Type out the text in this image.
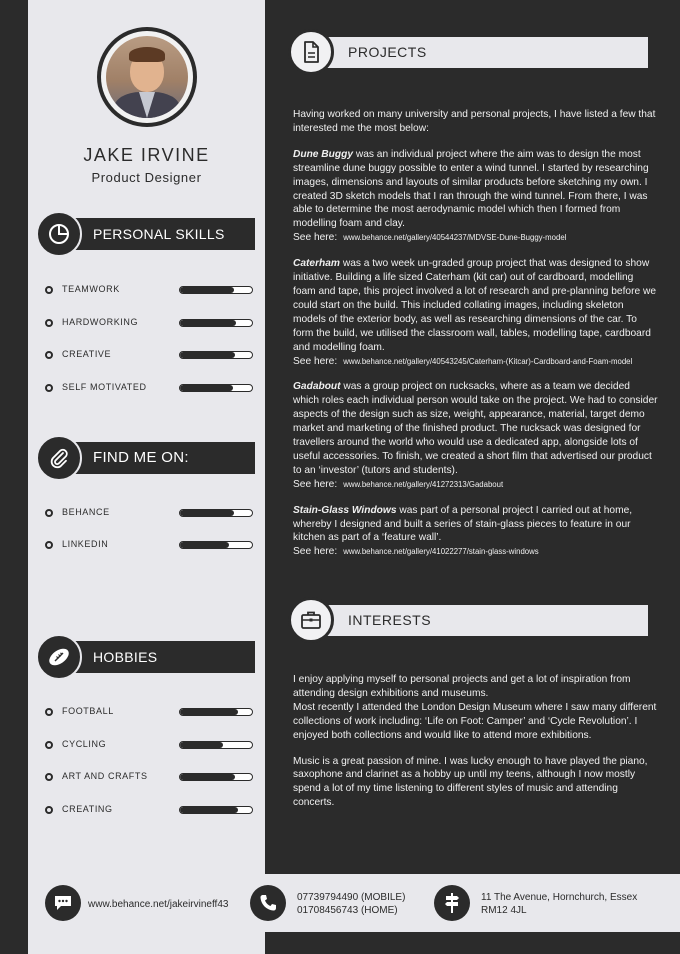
JAKE IRVINE
Product Designer
PERSONAL SKILLS
TEAMWORK
HARDWORKING
CREATIVE
SELF MOTIVATED
FIND ME ON:
BEHANCE
LINKEDIN
HOBBIES
FOOTBALL
CYCLING
ART AND CRAFTS
CREATING
PROJECTS

Having worked on many university and personal projects, I have listed a few that interested me the most below:

Dune Buggy was an individual project where the aim was to design the most streamline dune buggy possible to enter a wind tunnel. I started by researching images, dimensions and layouts of similar products before sketching my own. I created 3D sketch models that I ran through the wind tunnel. From there, I was able to determine the most aerodynamic model which then I formed from modelling foam and clay.

See here: www.behance.net/gallery/40544237/MDVSE-Dune-Buggy-model

Caterham was a two week un-graded group project that was designed to show initiative. Building a life sized Caterham (kit car) out of cardboard, modelling foam and tape, this project involved a lot of research and pre-planning before we could start on the build. This included collating images, including skeleton models of the exterior body, as well as researching dimensions of the car. To form the build, we utilised the classroom wall, tables, modelling tape, cardboard and modelling foam.

See here: www.behance.net/gallery/40543245/Caterham-(Kitcar)-Cardboard-and-Foam-model

Gadabout was a group project on rucksacks, where as a team we decided which roles each individual person would take on the project. We had to consider aspects of the design such as size, weight, appearance, material, target demo market and marketing of the finished product. The rucksack was designed for travellers around the world who would use a dedicated app, alongside lots of useful accessories. To finish, we created a short film that advertised our product to an ‘investor’ (tutors and students).

See here: www.behance.net/gallery/41272313/Gadabout

Stain-Glass Windows was part of a personal project I carried out at home, whereby I designed and built a series of stain-glass pieces to feature in our kitchen as part of a ‘feature wall’.

See here: www.behance.net/gallery/41022277/stain-glass-windows

INTERESTS

I enjoy applying myself to personal projects and get a lot of inspiration from attending design exhibitions and museums.

Most recently I attended the London Design Museum where I saw many different collections of work including: ‘Life on Foot: Camper’ and ‘Cycle Revolution’. I enjoyed both collections and would like to attend more exhibitions.

Music is a great passion of mine. I was lucky enough to have played the piano, saxophone and clarinet as a hobby up until my teens, although I now mostly spend a lot of my time listening to different styles of music and attending concerts.

www.behance.net/jakeirvineff43
07739794490 (MOBILE)
01708456743 (HOME)
11 The Avenue, Hornchurch, Essex
RM12 4JL
